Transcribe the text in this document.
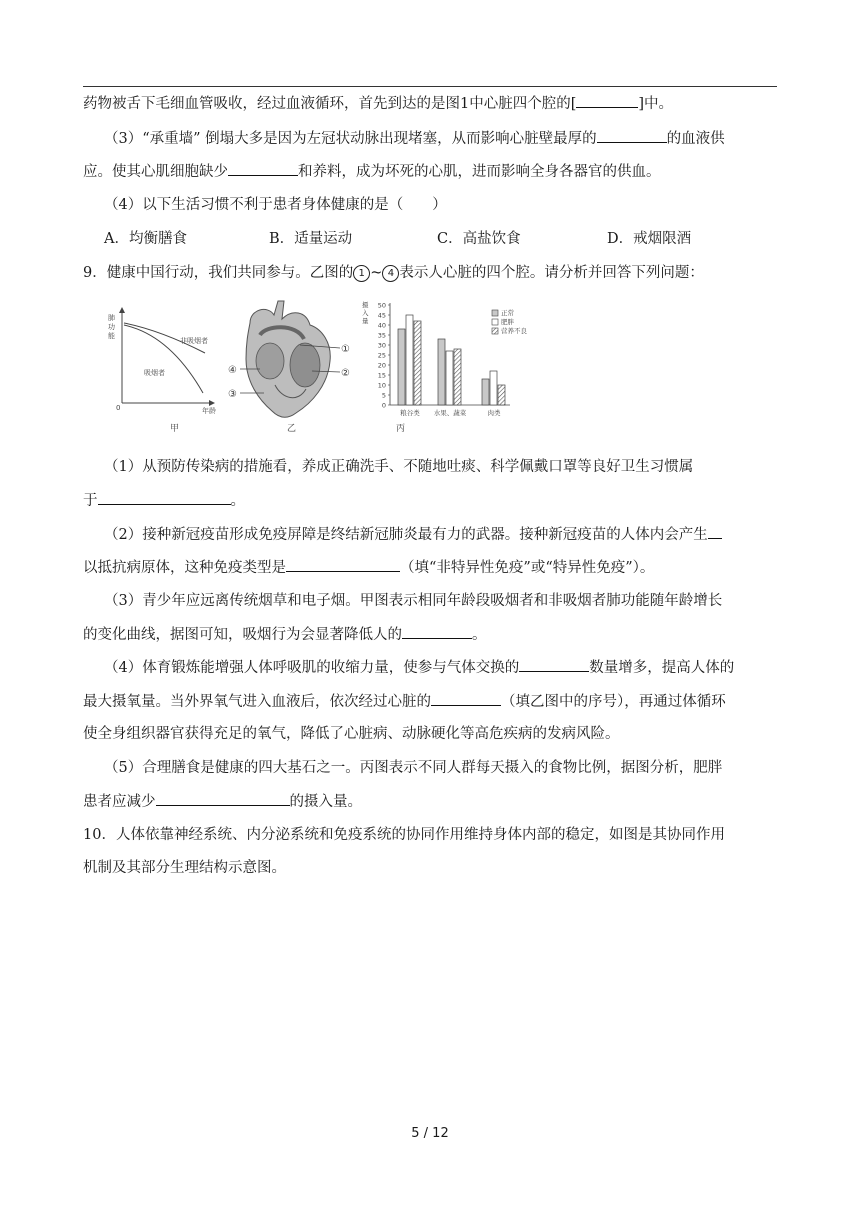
药物被舌下毛细血管吸收，经过血液循环，首先到达的是图1中心脏四个腔的[	]中。
（3）“承重墙” 倒塌大多是因为左冠状动脉出现堵塞，从而影响心脏壁最厚的	的血液供
应。使其心肌细胞缺少	和养料，成为坏死的心肌，进而影响全身各器官的供血。
（4）以下生活习惯不利于患者身体健康的是（　　）
A．均衡膳食	B．适量运动	C．高盐饮食	D．戒烟限酒
9．健康中国行动，我们共同参与。乙图的 1 ~ 4 表示人心脏的四个腔。请分析并回答下列问题：
肺
功
能
0	年龄
非吸烟者
吸烟者
甲
①
②
③
④
乙
摄
入
量
丙
0
5
10
15
20
25
30
35
40
45
50
粮谷类 水果、蔬菜	肉类
正常
肥胖
营养不良
（1）从预防传染病的措施看，养成正确洗手、不随地吐痰、科学佩戴口罩等良好卫生习惯属
于	。
（2）接种新冠疫苗形成免疫屏障是终结新冠肺炎最有力的武器。接种新冠疫苗的人体内会产生
以抵抗病原体，这种免疫类型是	（填“非特异性免疫”或“特异性免疫”）。
（3）青少年应远离传统烟草和电子烟。甲图表示相同年龄段吸烟者和非吸烟者肺功能随年龄增长
的变化曲线，据图可知，吸烟行为会显著降低人的	。
（4）体育锻炼能增强人体呼吸肌的收缩力量，使参与气体交换的	数量增多，提高人体的
最大摄氧量。当外界氧气进入血液后，依次经过心脏的	（填乙图中的序号），再通过体循环
使全身组织器官获得充足的氧气，降低了心脏病、动脉硬化等高危疾病的发病风险。
（5）合理膳食是健康的四大基石之一。丙图表示不同人群每天摄入的食物比例，据图分析，肥胖
患者应减少	的摄入量。
10．人体依靠神经系统、内分泌系统和免疫系统的协同作用维持身体内部的稳定，如图是其协同作用
机制及其部分生理结构示意图。
5 / 12
